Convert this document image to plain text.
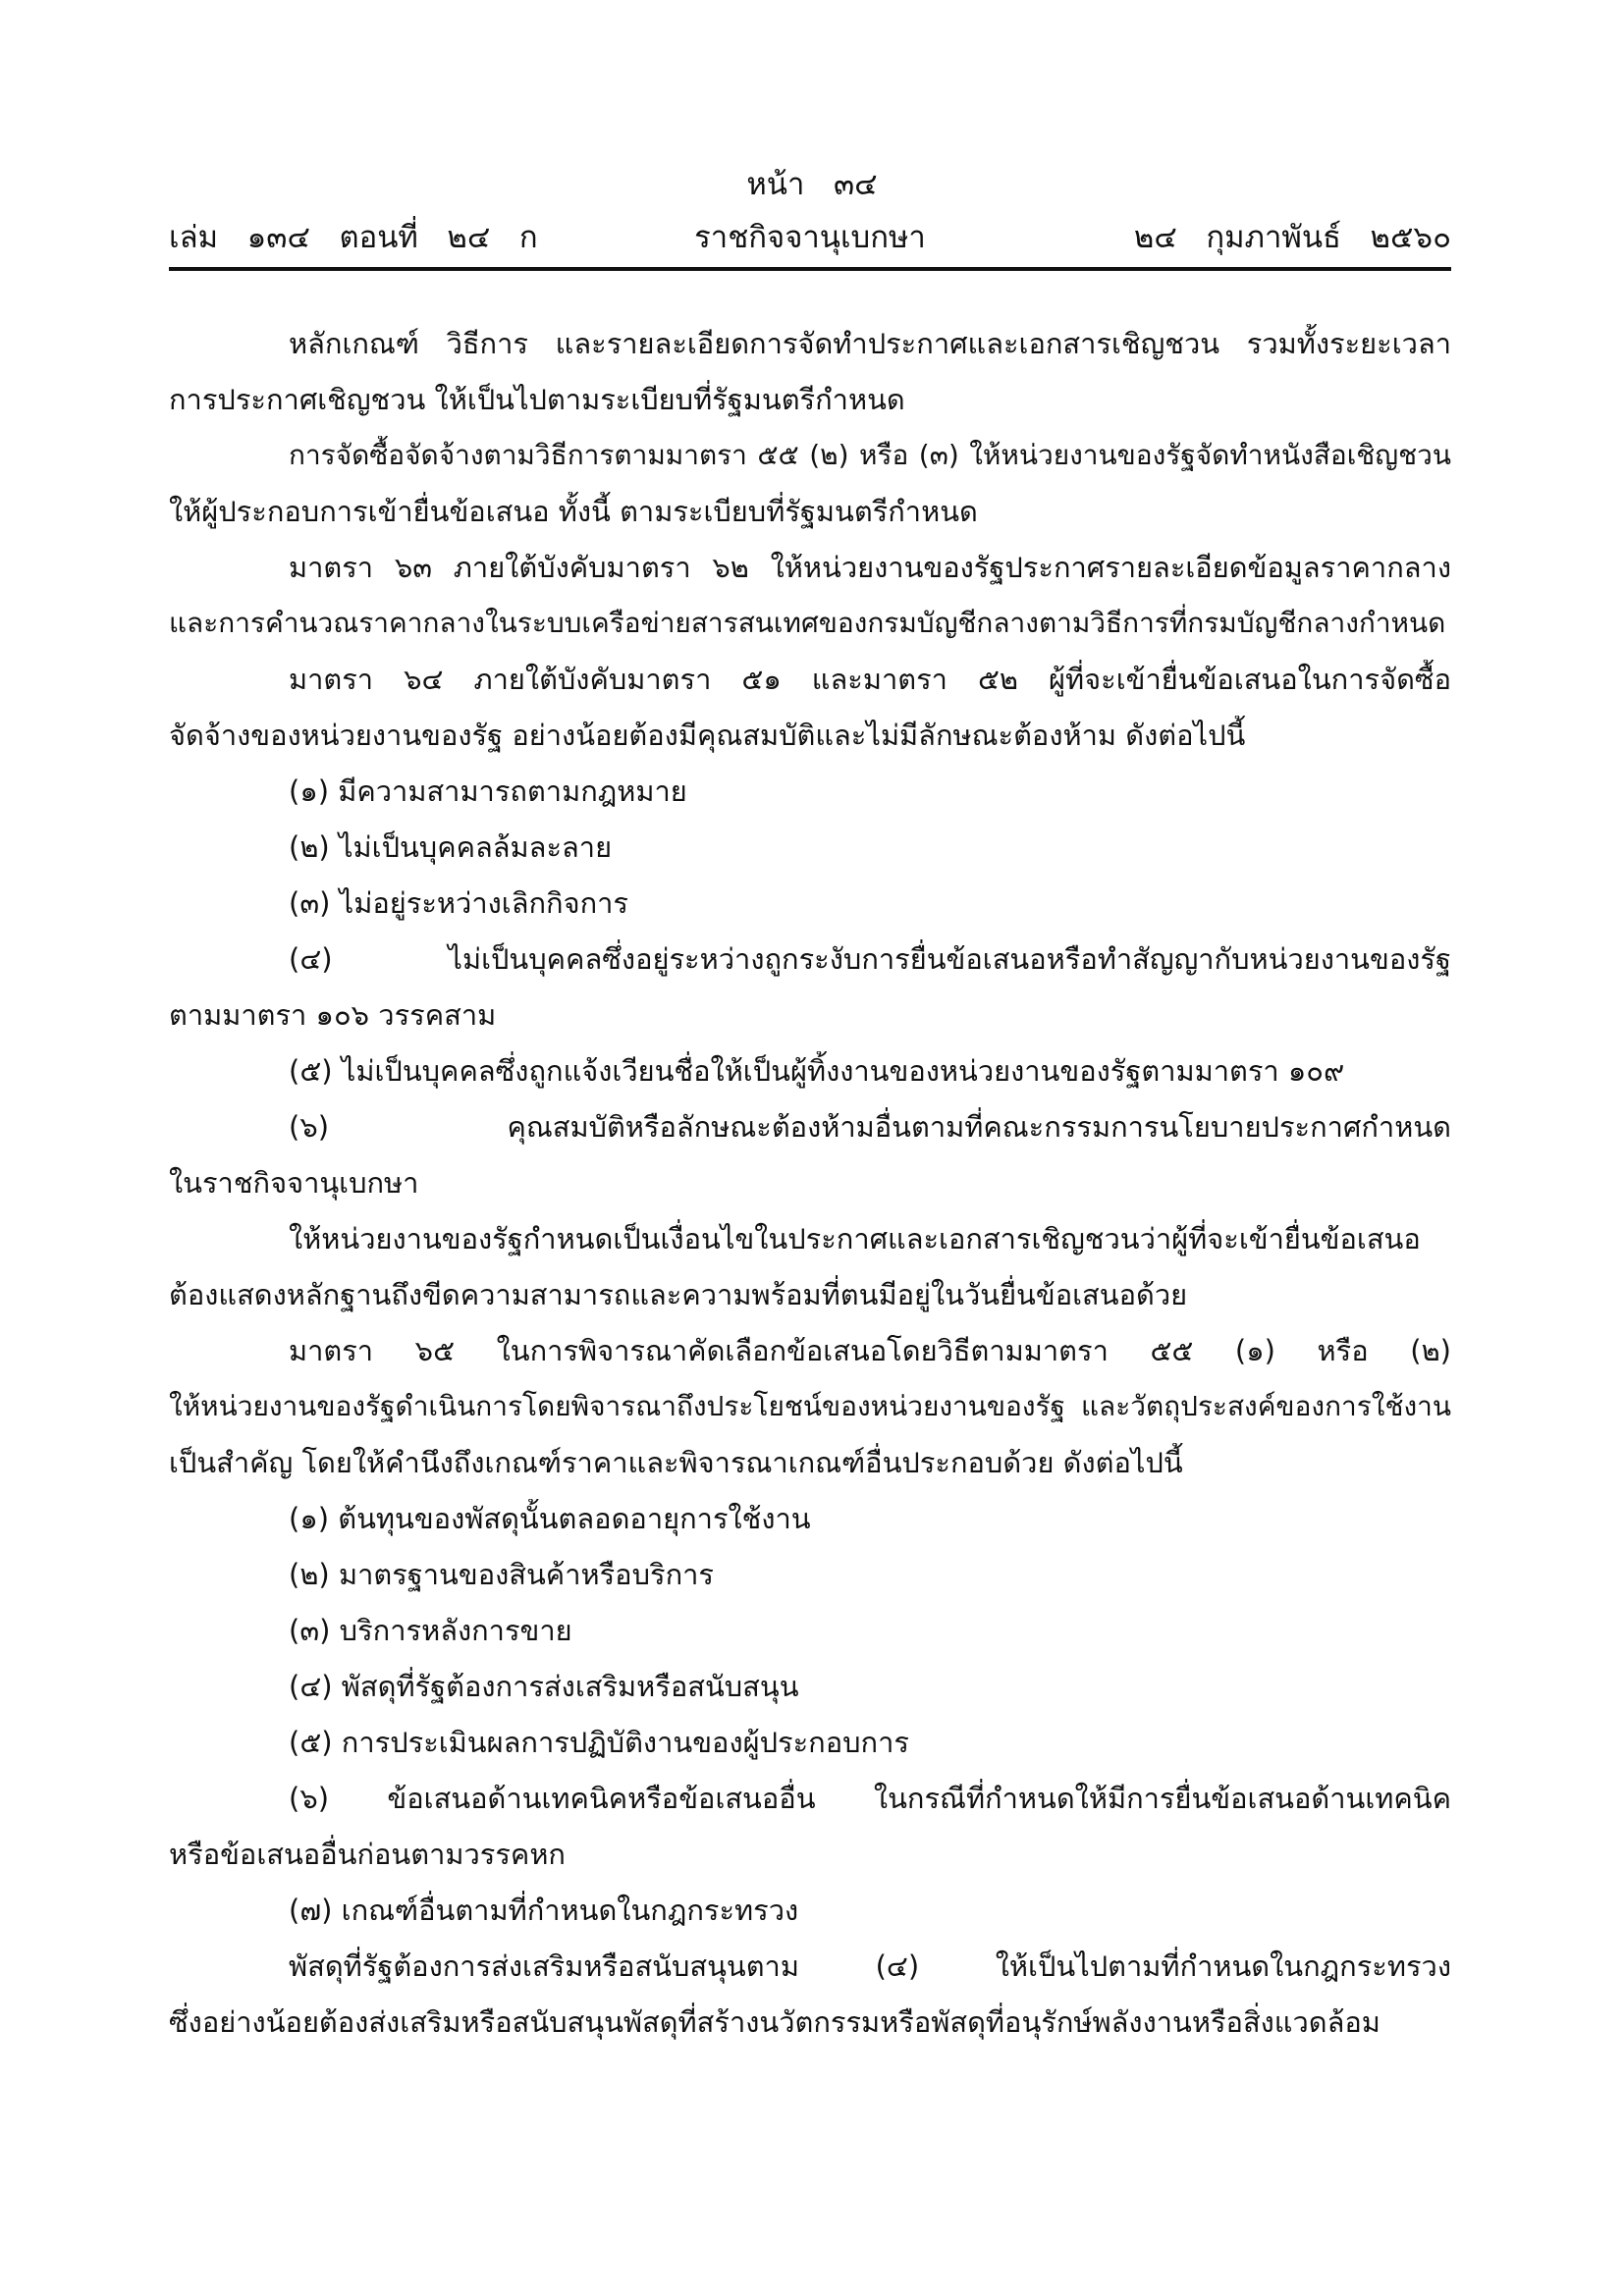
หน้า   ๓๔
ราชกิจจานุเบกษา
เล่ม   ๑๓๔   ตอนที่   ๒๔   ก	๒๔   กุมภาพันธ์   ๒๕๖๐
หลักเกณฑ์ วิธีการ และรายละเอียดการจัดทำประกาศและเอกสารเชิญชวน รวมทั้งระยะเวลา
การประกาศเชิญชวน ให้เป็นไปตามระเบียบที่รัฐมนตรีกำหนด
การจัดซื้อจัดจ้างตามวิธีการตามมาตรา ๕๕ (๒) หรือ (๓) ให้หน่วยงานของรัฐจัดทำหนังสือเชิญชวน
ให้ผู้ประกอบการเข้ายื่นข้อเสนอ ทั้งนี้ ตามระเบียบที่รัฐมนตรีกำหนด
มาตรา ๖๓ ภายใต้บังคับมาตรา ๖๒ ให้หน่วยงานของรัฐประกาศรายละเอียดข้อมูลราคากลาง
และการคำนวณราคากลางในระบบเครือข่ายสารสนเทศของกรมบัญชีกลางตามวิธีการที่กรมบัญชีกลางกำหนด
มาตรา ๖๔ ภายใต้บังคับมาตรา ๕๑ และมาตรา ๕๒ ผู้ที่จะเข้ายื่นข้อเสนอในการจัดซื้อ
จัดจ้างของหน่วยงานของรัฐ อย่างน้อยต้องมีคุณสมบัติและไม่มีลักษณะต้องห้าม ดังต่อไปนี้
(๑) มีความสามารถตามกฎหมาย
(๒) ไม่เป็นบุคคลล้มละลาย
(๓) ไม่อยู่ระหว่างเลิกกิจการ
(๔) ไม่เป็นบุคคลซึ่งอยู่ระหว่างถูกระงับการยื่นข้อเสนอหรือทำสัญญากับหน่วยงานของรัฐ
ตามมาตรา ๑๐๖ วรรคสาม
(๕) ไม่เป็นบุคคลซึ่งถูกแจ้งเวียนชื่อให้เป็นผู้ทิ้งงานของหน่วยงานของรัฐตามมาตรา ๑๐๙
(๖) คุณสมบัติหรือลักษณะต้องห้ามอื่นตามที่คณะกรรมการนโยบายประกาศกำหนด
ในราชกิจจานุเบกษา
ให้หน่วยงานของรัฐกำหนดเป็นเงื่อนไขในประกาศและเอกสารเชิญชวนว่าผู้ที่จะเข้ายื่นข้อเสนอ
ต้องแสดงหลักฐานถึงขีดความสามารถและความพร้อมที่ตนมีอยู่ในวันยื่นข้อเสนอด้วย
มาตรา ๖๕ ในการพิจารณาคัดเลือกข้อเสนอโดยวิธีตามมาตรา ๕๕ (๑) หรือ (๒)
ให้หน่วยงานของรัฐดำเนินการโดยพิจารณาถึงประโยชน์ของหน่วยงานของรัฐ และวัตถุประสงค์ของการใช้งาน
เป็นสำคัญ โดยให้คำนึงถึงเกณฑ์ราคาและพิจารณาเกณฑ์อื่นประกอบด้วย ดังต่อไปนี้
(๑) ต้นทุนของพัสดุนั้นตลอดอายุการใช้งาน
(๒) มาตรฐานของสินค้าหรือบริการ
(๓) บริการหลังการขาย
(๔) พัสดุที่รัฐต้องการส่งเสริมหรือสนับสนุน
(๕) การประเมินผลการปฏิบัติงานของผู้ประกอบการ
(๖) ข้อเสนอด้านเทคนิคหรือข้อเสนออื่น ในกรณีที่กำหนดให้มีการยื่นข้อเสนอด้านเทคนิค
หรือข้อเสนออื่นก่อนตามวรรคหก
(๗) เกณฑ์อื่นตามที่กำหนดในกฎกระทรวง
พัสดุที่รัฐต้องการส่งเสริมหรือสนับสนุนตาม (๔) ให้เป็นไปตามที่กำหนดในกฎกระทรวง
ซึ่งอย่างน้อยต้องส่งเสริมหรือสนับสนุนพัสดุที่สร้างนวัตกรรมหรือพัสดุที่อนุรักษ์พลังงานหรือสิ่งแวดล้อม
